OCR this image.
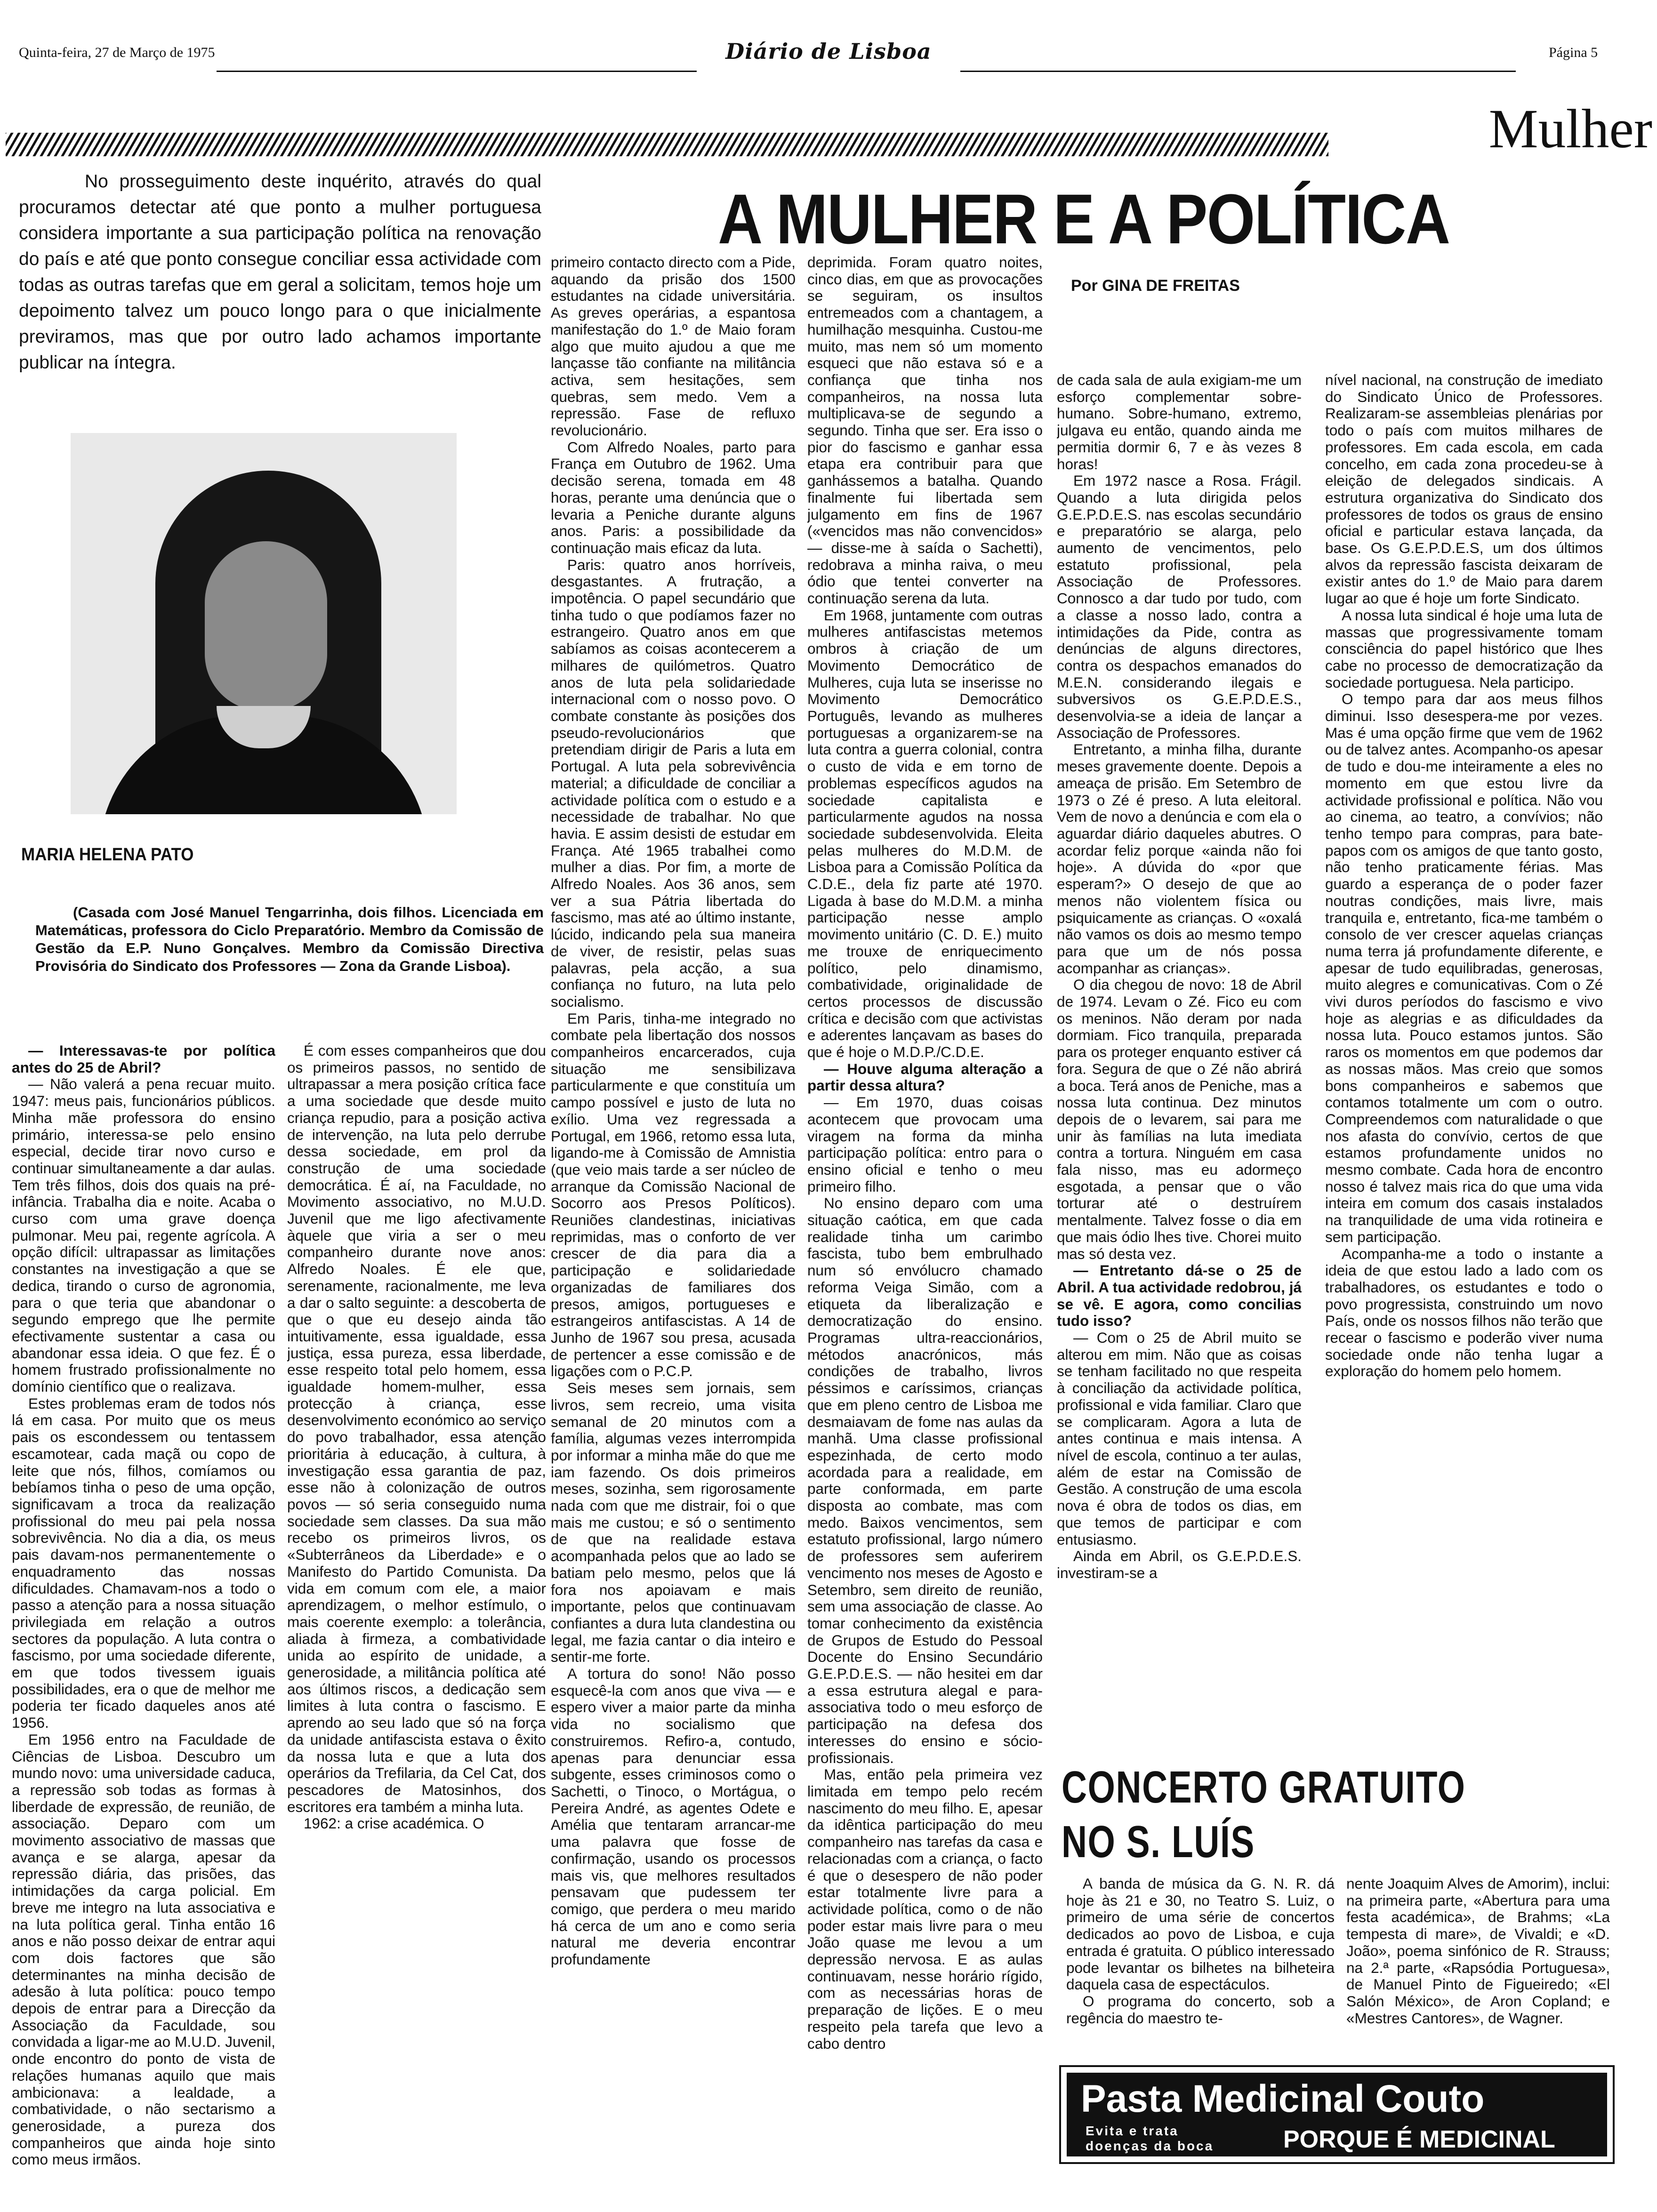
Quinta-feira, 27 de Março de 1975	Diário de Lisboa	Página 5
Mulher
A MULHER E A POLÍTICA
Por GINA DE FREITAS
No prosseguimento deste inquérito, através do qual procuramos detectar até que ponto a mulher portuguesa considera importante a sua participação política na renovação do país e até que ponto consegue conciliar essa actividade com todas as outras tarefas que em geral a solicitam, temos hoje um depoimento talvez um pouco longo para o que inicialmente previramos, mas que por outro lado achamos importante publicar na íntegra.
MARIA HELENA PATO
(Casada com José Manuel Tengarrinha, dois filhos. Licenciada em Matemáticas, professora do Ciclo Preparatório. Membro da Comissão de Gestão da E.P. Nuno Gonçalves. Membro da Comissão Directiva Provisória do Sindicato dos Professores — Zona da Grande Lisboa).

— Interessavas-te por política antes do 25 de Abril?

— Não valerá a pena recuar muito. 1947: meus pais, funcionários públicos. Minha mãe professora do ensino primário, interessa-se pelo ensino especial, decide tirar novo curso e continuar simultaneamente a dar aulas. Tem três filhos, dois dos quais na pré-infância. Trabalha dia e noite. Acaba o curso com uma grave doença pulmonar. Meu pai, regente agrícola. A opção difícil: ultrapassar as limitações constantes na investigação a que se dedica, tirando o curso de agronomia, para o que teria que abandonar o segundo emprego que lhe permite efectivamente sustentar a casa ou abandonar essa ideia. O que fez. É o homem frustrado profissionalmente no domínio científico que o realizava.

Estes problemas eram de todos nós lá em casa. Por muito que os meus pais os escondessem ou tentassem escamotear, cada maçã ou copo de leite que nós, filhos, comíamos ou bebíamos tinha o peso de uma opção, significavam a troca da realização profissional do meu pai pela nossa sobrevivência. No dia a dia, os meus pais davam-nos permanentemente o enquadramento das nossas dificuldades. Chamavam-nos a todo o passo a atenção para a nossa situação privilegiada em relação a outros sectores da população. A luta contra o fascismo, por uma sociedade diferente, em que todos tivessem iguais possibilidades, era o que de melhor me poderia ter ficado daqueles anos até 1956.

Em 1956 entro na Faculdade de Ciências de Lisboa. Descubro um mundo novo: uma universidade caduca, a repressão sob todas as formas à liberdade de expressão, de reunião, de associação. Deparo com um movimento associativo de massas que avança e se alarga, apesar da repressão diária, das prisões, das intimidações da carga policial. Em breve me integro na luta associativa e na luta política geral. Tinha então 16 anos e não posso deixar de entrar aqui com dois factores que são determinantes na minha decisão de adesão à luta política: pouco tempo depois de entrar para a Direcção da Associação da Faculdade, sou convidada a ligar-me ao M.U.D. Juvenil, onde encontro do ponto de vista de relações humanas aquilo que mais ambicionava: a lealdade, a combatividade, o não sectarismo a generosidade, a pureza dos companheiros que ainda hoje sinto como meus irmãos.

É com esses companheiros que dou os primeiros passos, no sentido de ultrapassar a mera posição crítica face a uma sociedade que desde muito criança repudio, para a posição activa de intervenção, na luta pelo derrube dessa sociedade, em prol da construção de uma sociedade democrática. É aí, na Faculdade, no Movimento associativo, no M.U.D. Juvenil que me ligo afectivamente àquele que viria a ser o meu companheiro durante nove anos: Alfredo Noales. É ele que, serenamente, racionalmente, me leva a dar o salto seguinte: a descoberta de que o que eu desejo ainda tão intuitivamente, essa igualdade, essa justiça, essa pureza, essa liberdade, esse respeito total pelo homem, essa igualdade homem-mulher, essa protecção à criança, esse desenvolvimento económico ao serviço do povo trabalhador, essa atenção prioritária à educação, à cultura, à investigação essa garantia de paz, esse não à colonização de outros povos — só seria conseguido numa sociedade sem classes. Da sua mão recebo os primeiros livros, os «Subterrâneos da Liberdade» e o Manifesto do Partido Comunista. Da vida em comum com ele, a maior aprendizagem, o melhor estímulo, o mais coerente exemplo: a tolerância, aliada à firmeza, a combatividade unida ao espírito de unidade, a generosidade, a militância política até aos últimos riscos, a dedicação sem limites à luta contra o fascismo. E aprendo ao seu lado que só na força da unidade antifascista estava o êxito da nossa luta e que a luta dos operários da Trefilaria, da Cel Cat, dos pescadores de Matosinhos, dos escritores era também a minha luta.

1962: a crise académica. O

primeiro contacto directo com a Pide, aquando da prisão dos 1500 estudantes na cidade universitária. As greves operárias, a espantosa manifestação do 1.º de Maio foram algo que muito ajudou a que me lançasse tão confiante na militância activa, sem hesitações, sem quebras, sem medo. Vem a repressão. Fase de refluxo revolucionário.

Com Alfredo Noales, parto para França em Outubro de 1962. Uma decisão serena, tomada em 48 horas, perante uma denúncia que o levaria a Peniche durante alguns anos. Paris: a possibilidade da continuação mais eficaz da luta.

Paris: quatro anos horríveis, desgastantes. A frutração, a impotência. O papel secundário que tinha tudo o que podíamos fazer no estrangeiro. Quatro anos em que sabíamos as coisas acontecerem a milhares de quilómetros. Quatro anos de luta pela solidariedade internacional com o nosso povo. O combate constante às posições dos pseudo-revolucionários que pretendiam dirigir de Paris a luta em Portugal. A luta pela sobrevivência material; a dificuldade de conciliar a actividade política com o estudo e a necessidade de trabalhar. No que havia. E assim desisti de estudar em França. Até 1965 trabalhei como mulher a dias. Por fim, a morte de Alfredo Noales. Aos 36 anos, sem ver a sua Pátria libertada do fascismo, mas até ao último instante, lúcido, indicando pela sua maneira de viver, de resistir, pelas suas palavras, pela acção, a sua confiança no futuro, na luta pelo socialismo.

Em Paris, tinha-me integrado no combate pela libertação dos nossos companheiros encarcerados, cuja situação me sensibilizava particularmente e que constituía um campo possível e justo de luta no exílio. Uma vez regressada a Portugal, em 1966, retomo essa luta, ligando-me à Comissão de Amnistia (que veio mais tarde a ser núcleo de arranque da Comissão Nacional de Socorro aos Presos Políticos). Reuniões clandestinas, iniciativas reprimidas, mas o conforto de ver crescer de dia para dia a participação e solidariedade organizadas de familiares dos presos, amigos, portugueses e estrangeiros antifascistas. A 14 de Junho de 1967 sou presa, acusada de pertencer a esse comissão e de ligações com o P.C.P.

Seis meses sem jornais, sem livros, sem recreio, uma visita semanal de 20 minutos com a família, algumas vezes interrompida por informar a minha mãe do que me iam fazendo. Os dois primeiros meses, sozinha, sem rigorosamente nada com que me distrair, foi o que mais me custou; e só o sentimento de que na realidade estava acompanhada pelos que ao lado se batiam pelo mesmo, pelos que lá fora nos apoiavam e mais importante, pelos que continuavam confiantes a dura luta clandestina ou legal, me fazia cantar o dia inteiro e sentir-me forte.

A tortura do sono! Não posso esquecê-la com anos que viva — e espero viver a maior parte da minha vida no socialismo que construiremos. Refiro-a, contudo, apenas para denunciar essa subgente, esses criminosos como o Sachetti, o Tinoco, o Mortágua, o Pereira André, as agentes Odete e Amélia que tentaram arrancar-me uma palavra que fosse de confirmação, usando os processos mais vis, que melhores resultados pensavam que pudessem ter comigo, que perdera o meu marido há cerca de um ano e como seria natural me deveria encontrar profundamente

deprimida. Foram quatro noites, cinco dias, em que as provocações se seguiram, os insultos entremeados com a chantagem, a humilhação mesquinha. Custou-me muito, mas nem só um momento esqueci que não estava só e a confiança que tinha nos companheiros, na nossa luta multiplicava-se de segundo a segundo. Tinha que ser. Era isso o pior do fascismo e ganhar essa etapa era contribuir para que ganhássemos a batalha. Quando finalmente fui libertada sem julgamento em fins de 1967 («vencidos mas não convencidos» — disse-me à saída o Sachetti), redobrava a minha raiva, o meu ódio que tentei converter na continuação serena da luta.

Em 1968, juntamente com outras mulheres antifascistas metemos ombros à criação de um Movimento Democrático de Mulheres, cuja luta se inserisse no Movimento Democrático Português, levando as mulheres portuguesas a organizarem-se na luta contra a guerra colonial, contra o custo de vida e em torno de problemas específicos agudos na sociedade capitalista e particularmente agudos na nossa sociedade subdesenvolvida. Eleita pelas mulheres do M.D.M. de Lisboa para a Comissão Política da C.D.E., dela fiz parte até 1970. Ligada à base do M.D.M. a minha participação nesse amplo movimento unitário (C. D. E.) muito me trouxe de enriquecimento político, pelo dinamismo, combatividade, originalidade de certos processos de discussão crítica e decisão com que activistas e aderentes lançavam as bases do que é hoje o M.D.P./C.D.E.

— Houve alguma alteração a partir dessa altura?

— Em 1970, duas coisas acontecem que provocam uma viragem na forma da minha participação política: entro para o ensino oficial e tenho o meu primeiro filho.

No ensino deparo com uma situação caótica, em que cada realidade tinha um carimbo fascista, tubo bem embrulhado num só envólucro chamado reforma Veiga Simão, com a etiqueta da liberalização e democratização do ensino. Programas ultra-reaccionários, métodos anacrónicos, más condições de trabalho, livros péssimos e caríssimos, crianças que em pleno centro de Lisboa me desmaiavam de fome nas aulas da manhã. Uma classe profissional espezinhada, de certo modo acordada para a realidade, em parte conformada, em parte disposta ao combate, mas com medo. Baixos vencimentos, sem estatuto profissional, largo número de professores sem auferirem vencimento nos meses de Agosto e Setembro, sem direito de reunião, sem uma associação de classe. Ao tomar conhecimento da existência de Grupos de Estudo do Pessoal Docente do Ensino Secundário G.E.P.D.E.S. — não hesitei em dar a essa estrutura alegal e para-associativa todo o meu esforço de participação na defesa dos interesses do ensino e sócio-profissionais.

Mas, então pela primeira vez limitada em tempo pelo recém nascimento do meu filho. E, apesar da idêntica participação do meu companheiro nas tarefas da casa e relacionadas com a criança, o facto é que o desespero de não poder estar totalmente livre para a actividade política, como o de não poder estar mais livre para o meu João quase me levou a um depressão nervosa. E as aulas continuavam, nesse horário rígido, com as necessárias horas de preparação de lições. E o meu respeito pela tarefa que levo a cabo dentro

de cada sala de aula exigiam-me um esforço complementar sobre-humano. Sobre-humano, extremo, julgava eu então, quando ainda me permitia dormir 6, 7 e às vezes 8 horas!

Em 1972 nasce a Rosa. Frágil. Quando a luta dirigida pelos G.E.P.D.E.S. nas escolas secundário e preparatório se alarga, pelo aumento de vencimentos, pelo estatuto profissional, pela Associação de Professores. Connosco a dar tudo por tudo, com a classe a nosso lado, contra a intimidações da Pide, contra as denúncias de alguns directores, contra os despachos emanados do M.E.N. considerando ilegais e subversivos os G.E.P.D.E.S., desenvolvia-se a ideia de lançar a Associação de Professores.

Entretanto, a minha filha, durante meses gravemente doente. Depois a ameaça de prisão. Em Setembro de 1973 o Zé é preso. A luta eleitoral. Vem de novo a denúncia e com ela o aguardar diário daqueles abutres. O acordar feliz porque «ainda não foi hoje». A dúvida do «por que esperam?» O desejo de que ao menos não violentem física ou psiquicamente as crianças. O «oxalá não vamos os dois ao mesmo tempo para que um de nós possa acompanhar as crianças».

O dia chegou de novo: 18 de Abril de 1974. Levam o Zé. Fico eu com os meninos. Não deram por nada dormiam. Fico tranquila, preparada para os proteger enquanto estiver cá fora. Segura de que o Zé não abrirá a boca. Terá anos de Peniche, mas a nossa luta continua. Dez minutos depois de o levarem, sai para me unir às famílias na luta imediata contra a tortura. Ninguém em casa fala nisso, mas eu adormeço esgotada, a pensar que o vão torturar até o destruírem mentalmente. Talvez fosse o dia em que mais ódio lhes tive. Chorei muito mas só desta vez.

— Entretanto dá-se o 25 de Abril. A tua actividade redobrou, já se vê. E agora, como concilias tudo isso?

— Com o 25 de Abril muito se alterou em mim. Não que as coisas se tenham facilitado no que respeita à conciliação da actividade política, profissional e vida familiar. Claro que se complicaram. Agora a luta de antes continua e mais intensa. A nível de escola, continuo a ter aulas, além de estar na Comissão de Gestão. A construção de uma escola nova é obra de todos os dias, em que temos de participar e com entusiasmo.

Ainda em Abril, os G.E.P.D.E.S. investiram-se a

nível nacional, na construção de imediato do Sindicato Único de Professores. Realizaram-se assembleias plenárias por todo o país com muitos milhares de professores. Em cada escola, em cada concelho, em cada zona procedeu-se à eleição de delegados sindicais. A estrutura organizativa do Sindicato dos professores de todos os graus de ensino oficial e particular estava lançada, da base. Os G.E.P.D.E.S, um dos últimos alvos da repressão fascista deixaram de existir antes do 1.º de Maio para darem lugar ao que é hoje um forte Sindicato.

A nossa luta sindical é hoje uma luta de massas que progressivamente tomam consciência do papel histórico que lhes cabe no processo de democratização da sociedade portuguesa. Nela participo.

O tempo para dar aos meus filhos diminui. Isso desespera-me por vezes. Mas é uma opção firme que vem de 1962 ou de talvez antes. Acompanho-os apesar de tudo e dou-me inteiramente a eles no momento em que estou livre da actividade profissional e política. Não vou ao cinema, ao teatro, a convívios; não tenho tempo para compras, para bate-papos com os amigos de que tanto gosto, não tenho praticamente férias. Mas guardo a esperança de o poder fazer noutras condições, mais livre, mais tranquila e, entretanto, fica-me também o consolo de ver crescer aquelas crianças numa terra já profundamente diferente, e apesar de tudo equilibradas, generosas, muito alegres e comunicativas. Com o Zé vivi duros períodos do fascismo e vivo hoje as alegrias e as dificuldades da nossa luta. Pouco estamos juntos. São raros os momentos em que podemos dar as nossas mãos. Mas creio que somos bons companheiros e sabemos que contamos totalmente um com o outro. Compreendemos com naturalidade o que nos afasta do convívio, certos de que estamos profundamente unidos no mesmo combate. Cada hora de encontro nosso é talvez mais rica do que uma vida inteira em comum dos casais instalados na tranquilidade de uma vida rotineira e sem participação.

Acompanha-me a todo o instante a ideia de que estou lado a lado com os trabalhadores, os estudantes e todo o povo progressista, construindo um novo País, onde os nossos filhos não terão que recear o fascismo e poderão viver numa sociedade onde não tenha lugar a exploração do homem pelo homem.

CONCERTO GRATUITO
NO S. LUÍS

A banda de música da G. N. R. dá hoje às 21 e 30, no Teatro S. Luiz, o primeiro de uma série de concertos dedicados ao povo de Lisboa, e cuja entrada é gratuita. O público interessado pode levantar os bilhetes na bilheteira daquela casa de espectáculos.

O programa do concerto, sob a regência do maestro te-

nente Joaquim Alves de Amorim), inclui: na primeira parte, «Abertura para uma festa académica», de Brahms; «La tempesta di mare», de Vivaldi; e «D. João», poema sinfónico de R. Strauss; na 2.ª parte, «Rapsódia Portuguesa», de Manuel Pinto de Figueiredo; «El Salón México», de Aron Copland; e «Mestres Cantores», de Wagner.

Pasta Medicinal Couto
Evita e trata
doenças da boca	PORQUE É MEDICINAL
